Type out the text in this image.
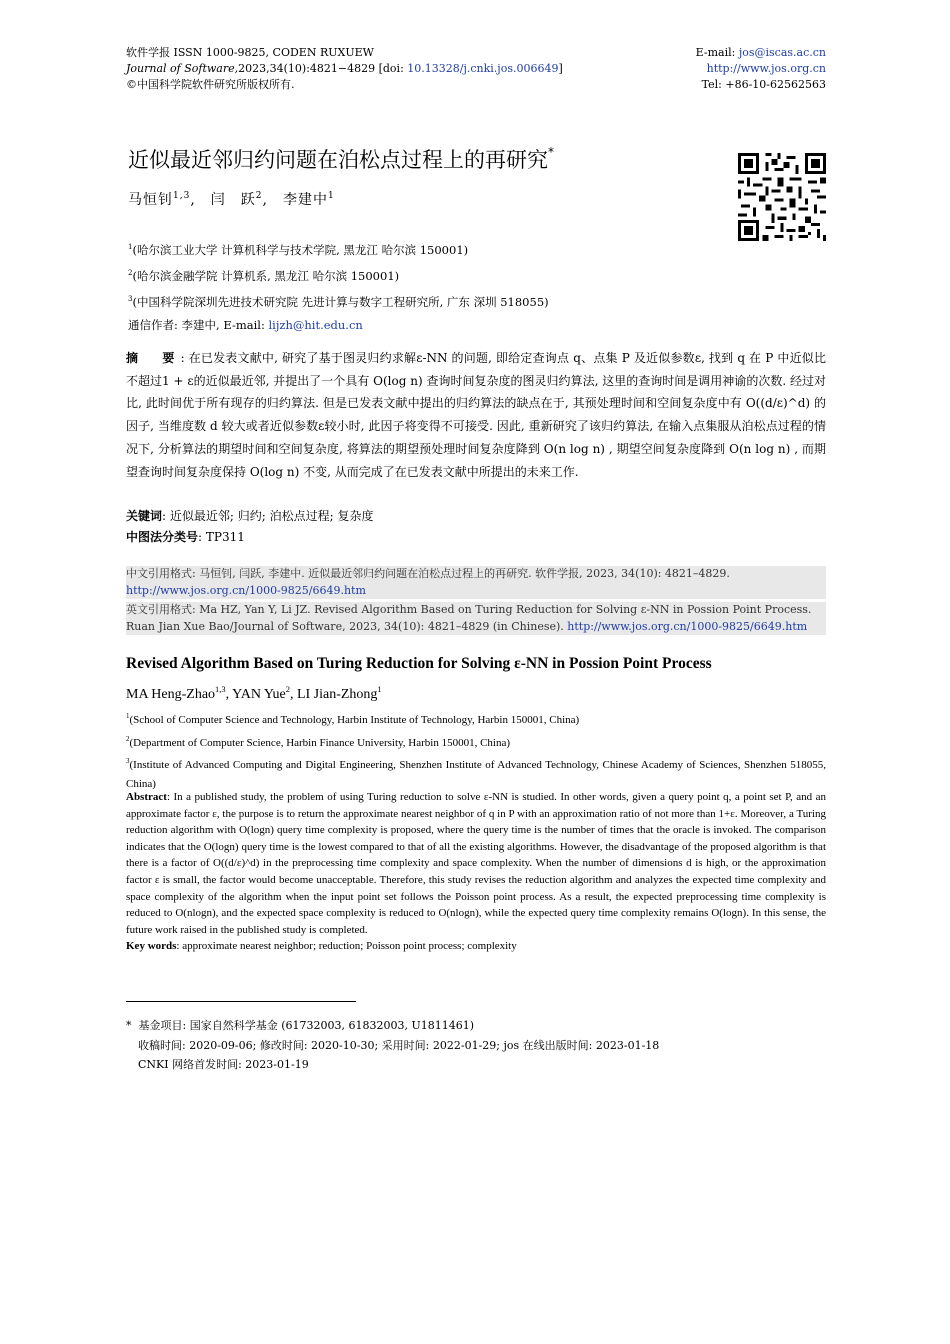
软件学报 ISSN 1000-9825, CODEN RUXUEW
Journal of Software,2023,34(10):4821−4829 [doi: 10.13328/j.cnki.jos.006649]
©中国科学院软件研究所版权所有.
E-mail: jos@iscas.ac.cn
http://www.jos.org.cn
Tel: +86-10-62562563
近似最近邻归约问题在泊松点过程上的再研究*
马恒钊$^{1,3}$,　闫　跃$^2$,　李建中$^1$
$^1$(哈尔滨工业大学 计算机科学与技术学院, 黑龙江 哈尔滨 150001)
$^2$(哈尔滨金融学院 计算机系, 黑龙江 哈尔滨 150001)
$^3$(中国科学院深圳先进技术研究院 先进计算与数字工程研究所, 广东 深圳 518055)
通信作者: 李建中, E-mail: lijzh@hit.edu.cn
摘　要: 在已发表文献中, 研究了基于图灵归约求解ε-NN 的问题, 即给定查询点 q、点集 P 及近似参数ε, 找到 q 在 P 中近似比不超过1 + ε的近似最近邻, 并提出了一个具有 O(log n) 查询时间复杂度的图灵归约算法, 这里的查询时间是调用神谕的次数. 经过对比, 此时间优于所有现存的归约算法. 但是已发表文献中提出的归约算法的缺点在于, 其预处理时间和空间复杂度中有 O((d/ε)^d) 的因子, 当维度数 d 较大或者近似参数ε较小时, 此因子将变得不可接受. 因此, 重新研究了该归约算法, 在输入点集服从泊松点过程的情况下, 分析算法的期望时间和空间复杂度, 将算法的期望预处理时间复杂度降到 O(n log n) , 期望空间复杂度降到 O(n log n) , 而期望查询时间复杂度保持 O(log n) 不变, 从而完成了在已发表文献中所提出的未来工作.
关键词: 近似最近邻; 归约; 泊松点过程; 复杂度
中图法分类号: TP311
中文引用格式: 马恒钊, 闫跃, 李建中. 近似最近邻归约问题在泊松点过程上的再研究. 软件学报, 2023, 34(10): 4821–4829. http://www.jos.org.cn/1000-9825/6649.htm
英文引用格式: Ma HZ, Yan Y, Li JZ. Revised Algorithm Based on Turing Reduction for Solving ε-NN in Possion Point Process. Ruan Jian Xue Bao/Journal of Software, 2023, 34(10): 4821–4829 (in Chinese). http://www.jos.org.cn/1000-9825/6649.htm
Revised Algorithm Based on Turing Reduction for Solving ε-NN in Possion Point Process
MA Heng-Zhao$^{1,3}$, YAN Yue$^2$, LI Jian-Zhong$^1$
$^1$(School of Computer Science and Technology, Harbin Institute of Technology, Harbin 150001, China)
$^2$(Department of Computer Science, Harbin Finance University, Harbin 150001, China)
$^3$(Institute of Advanced Computing and Digital Engineering, Shenzhen Institute of Advanced Technology, Chinese Academy of Sciences, Shenzhen 518055, China)
Abstract: In a published study, the problem of using Turing reduction to solve ε-NN is studied. In other words, given a query point q, a point set P, and an approximate factor ε, the purpose is to return the approximate nearest neighbor of q in P with an approximation ratio of not more than 1+ε. Moreover, a Turing reduction algorithm with O(logn) query time complexity is proposed, where the query time is the number of times that the oracle is invoked. The comparison indicates that the O(logn) query time is the lowest compared to that of all the existing algorithms. However, the disadvantage of the proposed algorithm is that there is a factor of O((d/ε)^d) in the preprocessing time complexity and space complexity. When the number of dimensions d is high, or the approximation factor ε is small, the factor would become unacceptable. Therefore, this study revises the reduction algorithm and analyzes the expected time complexity and space complexity of the algorithm when the input point set follows the Poisson point process. As a result, the expected preprocessing time complexity is reduced to O(nlogn), and the expected space complexity is reduced to O(nlogn), while the expected query time complexity remains O(logn). In this sense, the future work raised in the published study is completed.
Key words: approximate nearest neighbor; reduction; Poisson point process; complexity
* 基金项目: 国家自然科学基金 (61732003, 61832003, U1811461)
收稿时间: 2020-09-06; 修改时间: 2020-10-30; 采用时间: 2022-01-29; jos 在线出版时间: 2023-01-18
CNKI 网络首发时间: 2023-01-19
